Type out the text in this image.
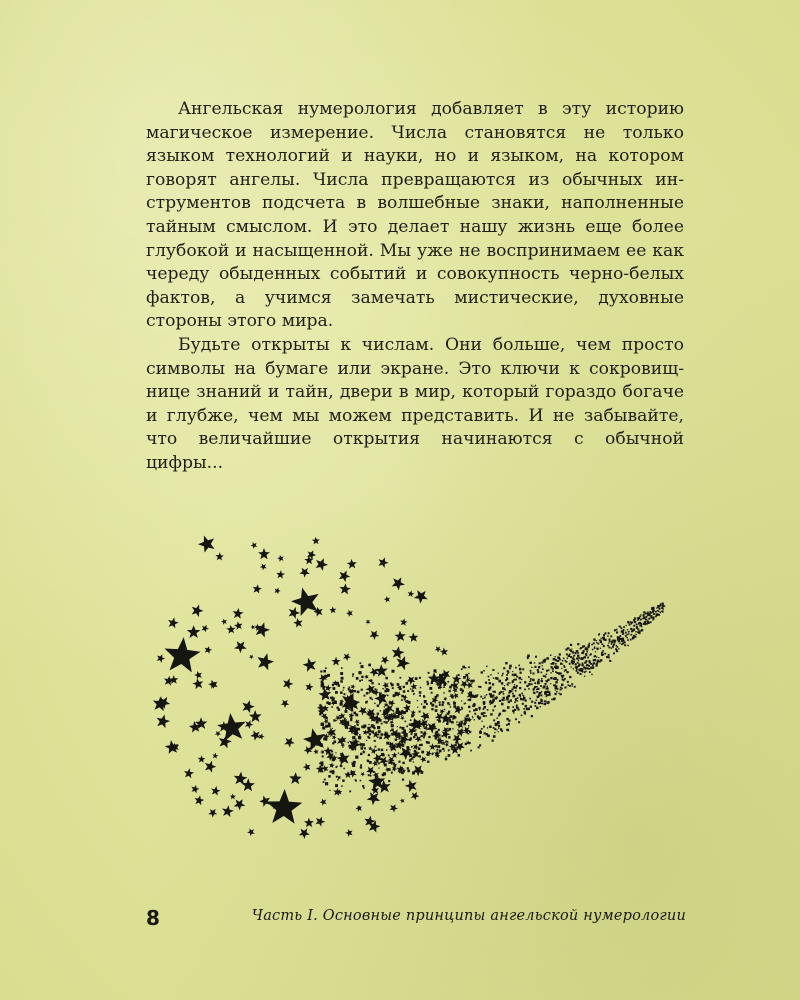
Ангельская нумерология добавляет в эту историю магическое измерение. Числа становятся не только языком технологий и науки, но и языком, на котором говорят ангелы. Числа превращаются из обычных инструментов подсчета в волшебные знаки, наполненные тайным смыслом. И это делает нашу жизнь еще более глубокой и насыщенной. Мы уже не воспринимаем ее как череду обыденных событий и совокупность черно-белых фактов, а учимся замечать мистические, духовные стороны этого мира.

Будьте открыты к числам. Они больше, чем просто символы на бумаге или экране. Это ключи к сокровищнице знаний и тайн, двери в мир, который гораздо богаче и глубже, чем мы можем представить. И не забывайте, что величайшие открытия начинаются с обычной цифры...

8	Часть I. Основные принципы ангельской нумерологии
